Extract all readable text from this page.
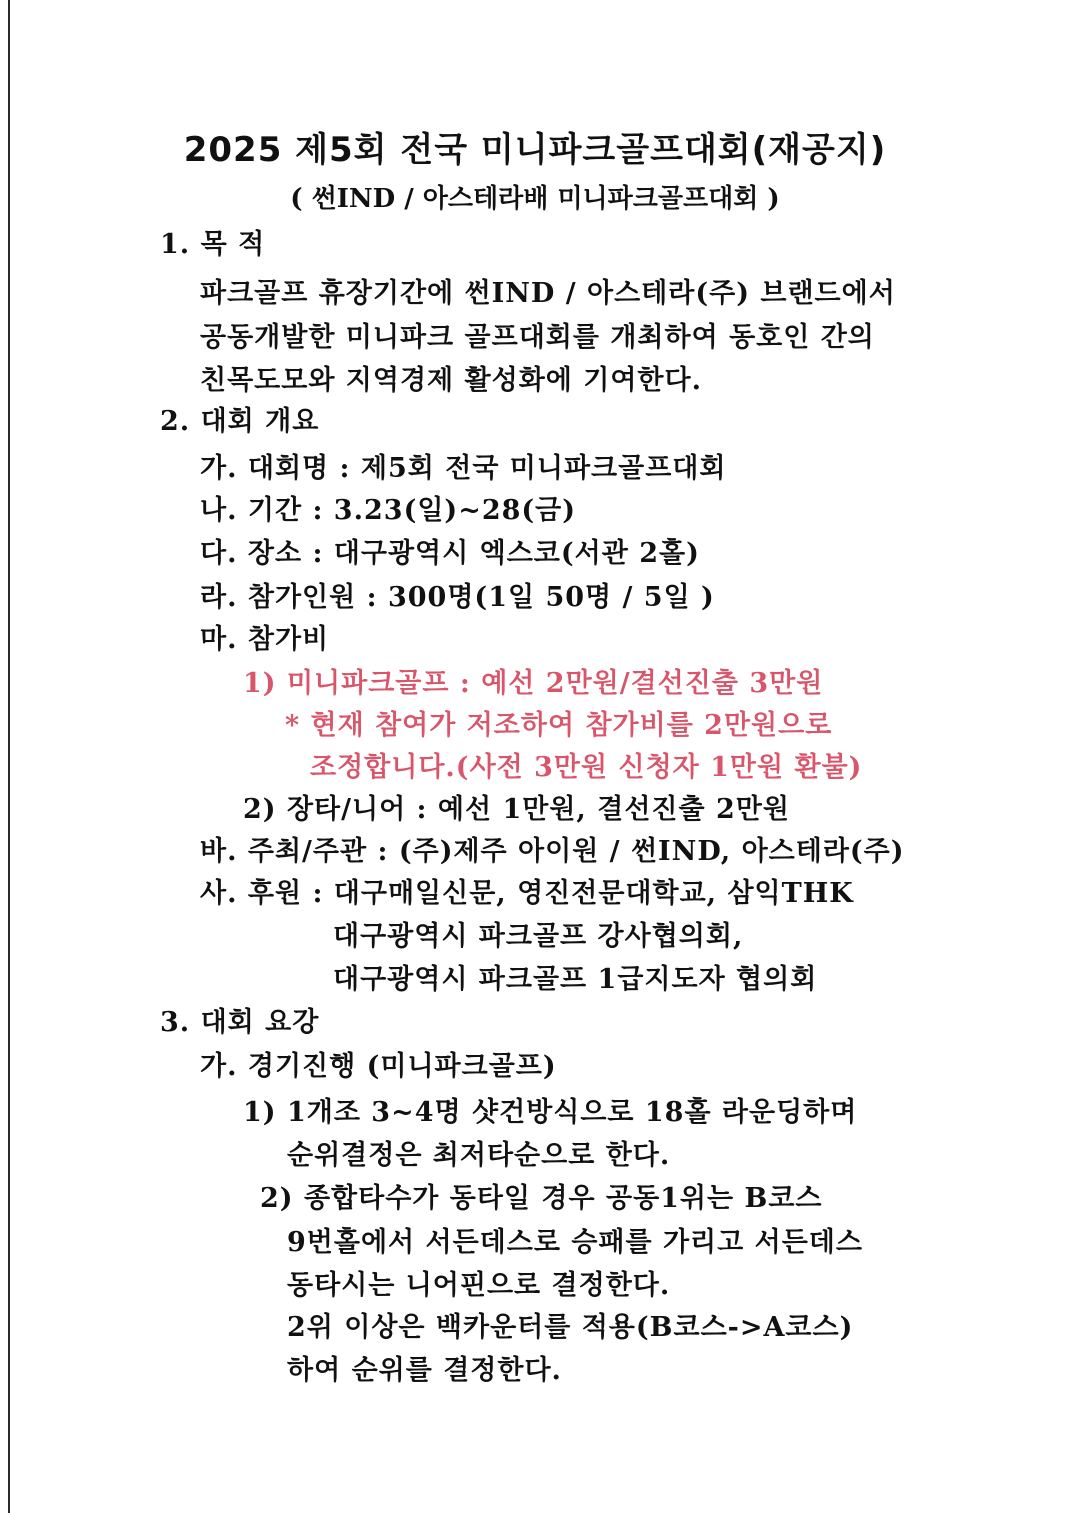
2025 제5회 전국 미니파크골프대회(재공지)
( 썬IND / 아스테라배 미니파크골프대회 )
1. 목 적
파크골프 휴장기간에 썬IND / 아스테라(주) 브랜드에서
공동개발한 미니파크 골프대회를 개최하여 동호인 간의
친목도모와 지역경제 활성화에 기여한다.
2. 대회 개요
가. 대회명 : 제5회 전국 미니파크골프대회
나. 기간 : 3.23(일)~28(금)
다. 장소 : 대구광역시 엑스코(서관 2홀)
라. 참가인원 : 300명(1일 50명 / 5일 )
마. 참가비
1) 미니파크골프 : 예선 2만원/결선진출 3만원
* 현재 참여가 저조하여 참가비를 2만원으로
조정합니다.(사전 3만원 신청자 1만원 환불)
2) 장타/니어 : 예선 1만원, 결선진출 2만원
바. 주최/주관 : (주)제주 아이원 / 썬IND, 아스테라(주)
사. 후원 : 대구매일신문, 영진전문대학교, 삼익THK
대구광역시 파크골프 강사협의회,
대구광역시 파크골프 1급지도자 협의회
3. 대회 요강
가. 경기진행 (미니파크골프)
1) 1개조 3~4명 샷건방식으로 18홀 라운딩하며
순위결정은 최저타순으로 한다.
2) 종합타수가 동타일 경우 공동1위는 B코스
9번홀에서 서든데스로 승패를 가리고 서든데스
동타시는 니어핀으로 결정한다.
2위 이상은 백카운터를 적용(B코스->A코스)
하여 순위를 결정한다.
